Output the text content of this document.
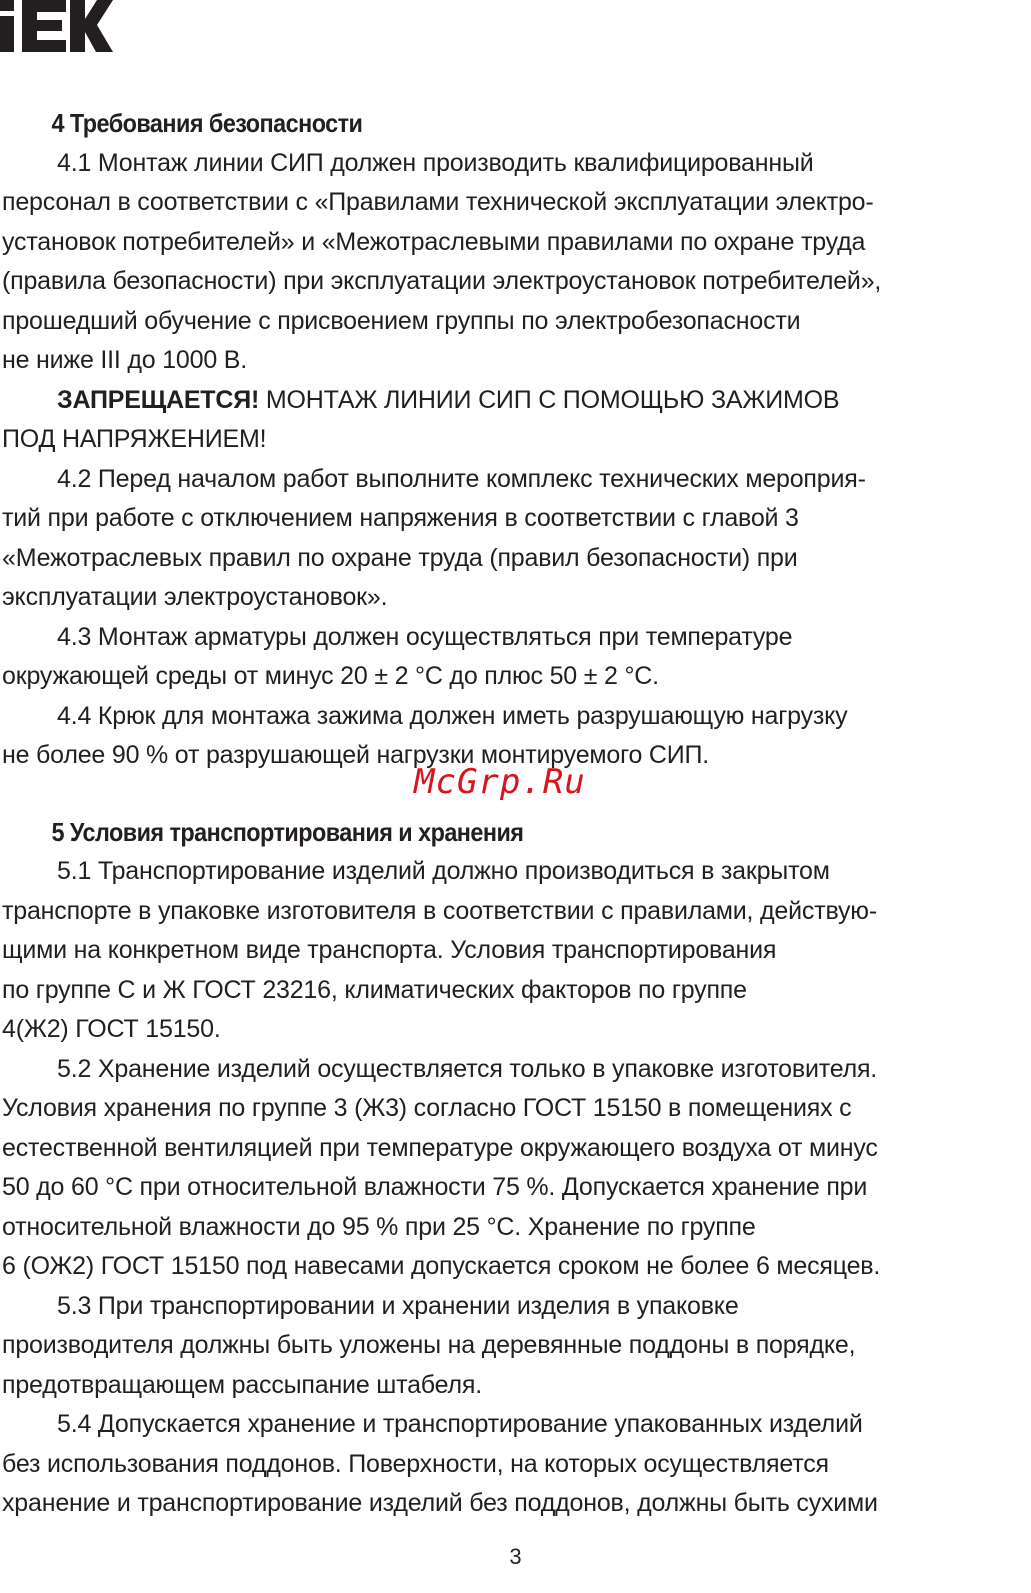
4 Требования безопасности
4.1 Монтаж линии СИП должен производить квалифицированный
персонал в соответствии с «Правилами технической эксплуатации электро-
установок потребителей» и «Межотраслевыми правилами по охране труда
(правила безопасности) при эксплуатации электроустановок потребителей»,
прошедший обучение с присвоением группы по электробезопасности
не ниже III до 1000 В.
ЗАПРЕЩАЕТСЯ! МОНТАЖ ЛИНИИ СИП С ПОМОЩЬЮ ЗАЖИМОВ
ПОД НАПРЯЖЕНИЕМ!
4.2 Перед началом работ выполните комплекс технических мероприя-
тий при работе с отключением напряжения в соответствии с главой 3
«Межотраслевых правил по охране труда (правил безопасности) при
эксплуатации электроустановок».
4.3 Монтаж арматуры должен осуществляться при температуре
окружающей среды от минус 20 ± 2 °С до плюс 50 ± 2 °С.
4.4 Крюк для монтажа зажима должен иметь разрушающую нагрузку
не более 90 % от разрушающей нагрузки монтируемого СИП.
5 Условия транспортирования и хранения
5.1 Транспортирование изделий должно производиться в закрытом
транспорте в упаковке изготовителя в соответствии с правилами, действую-
щими на конкретном виде транспорта. Условия транспортирования
по группе С и Ж ГОСТ 23216, климатических факторов по группе
4(Ж2) ГОСТ 15150.
5.2 Хранение изделий осуществляется только в упаковке изготовителя.
Условия хранения по группе 3 (Ж3) согласно ГОСТ 15150 в помещениях с
естественной вентиляцией при температуре окружающего воздуха от минус
50 до 60 °С при относительной влажности 75 %. Допускается хранение при
относительной влажности до 95 % при 25 °С. Хранение по группе
6 (ОЖ2) ГОСТ 15150 под навесами допускается сроком не более 6 месяцев.
5.3 При транспортировании и хранении изделия в упаковке
производителя должны быть уложены на деревянные поддоны в порядке,
предотвращающем рассыпание штабеля.
5.4 Допускается хранение и транспортирование упакованных изделий
без использования поддонов. Поверхности, на которых осуществляется
хранение и транспортирование изделий без поддонов, должны быть сухими
McGrp.Ru
3
